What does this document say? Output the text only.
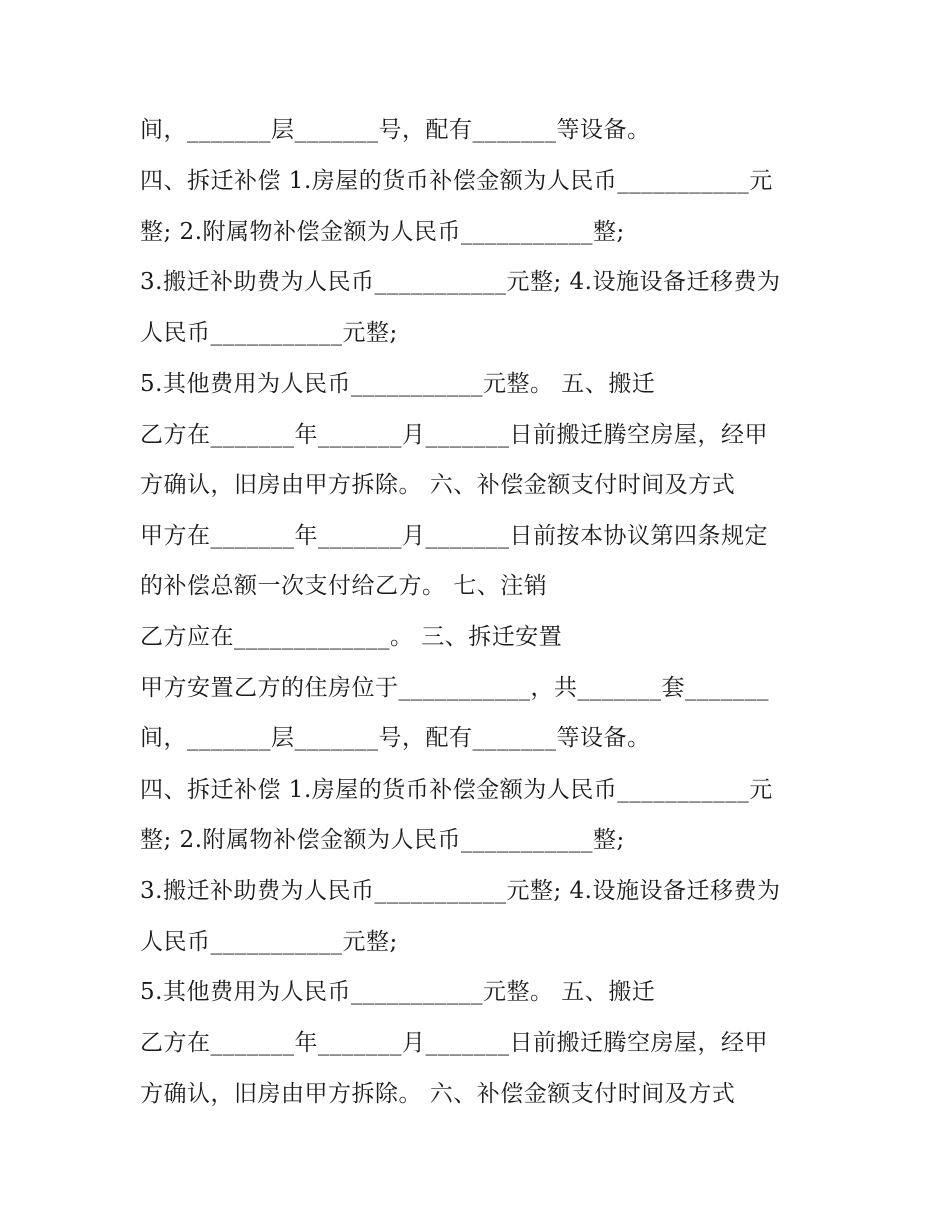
间，_______层_______号，配有_______等设备。
四、拆迁补偿 1.房屋的货币补偿金额为人民币___________元
整; 2.附属物补偿金额为人民币___________整;
3.搬迁补助费为人民币___________元整; 4.设施设备迁移费为
人民币___________元整;
5.其他费用为人民币___________元整。 五、搬迁
乙方在_______年_______月_______日前搬迁腾空房屋，经甲
方确认，旧房由甲方拆除。 六、补偿金额支付时间及方式
甲方在_______年_______月_______日前按本协议第四条规定
的补偿总额一次支付给乙方。 七、注销
乙方应在_____________。 三、拆迁安置
甲方安置乙方的住房位于___________，共_______套_______
间，_______层_______号，配有_______等设备。
四、拆迁补偿 1.房屋的货币补偿金额为人民币___________元
整; 2.附属物补偿金额为人民币___________整;
3.搬迁补助费为人民币___________元整; 4.设施设备迁移费为
人民币___________元整;
5.其他费用为人民币___________元整。 五、搬迁
乙方在_______年_______月_______日前搬迁腾空房屋，经甲
方确认，旧房由甲方拆除。 六、补偿金额支付时间及方式
